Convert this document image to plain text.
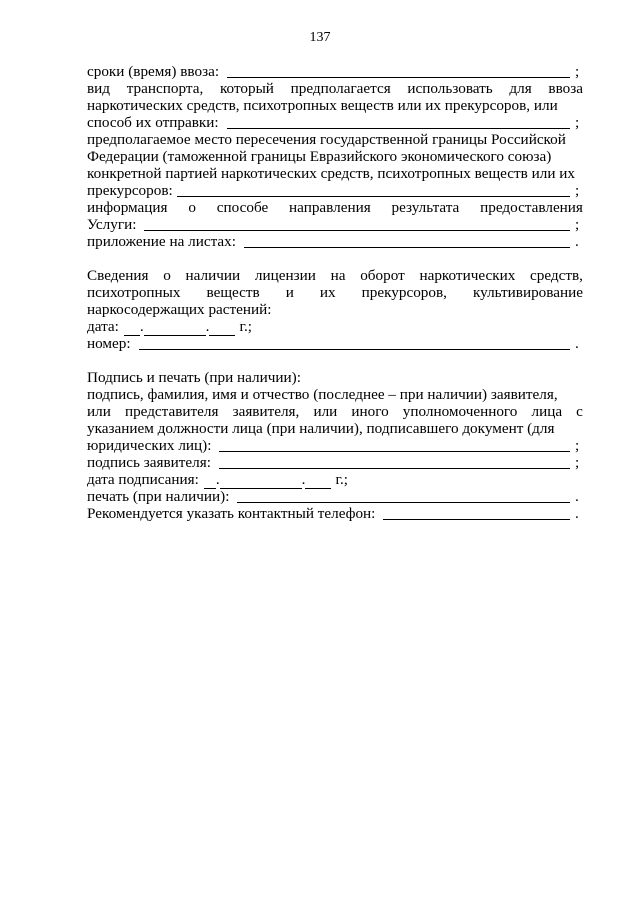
137
сроки (время) ввоза:	;
вид транспорта, который предполагается использовать для ввоза
наркотических средств, психотропных веществ или их прекурсоров, или
способ их отправки:	;
предполагаемое место пересечения государственной границы Российской
Федерации (таможенной границы Евразийского экономического союза)
конкретной партией наркотических средств, психотропных веществ или их
прекурсоров:	;
информация о способе направления результата предоставления
Услуги:	;
приложение на листах:	.
Сведения о наличии лицензии на оборот наркотических средств,
психотропных веществ и их прекурсоров, культивирование
наркосодержащих растений:
дата: .	. г.;
номер:	.
Подпись и печать (при наличии):
подпись, фамилия, имя и отчество (последнее – при наличии) заявителя,
или представителя заявителя, или иного уполномоченного лица с
указанием должности лица (при наличии), подписавшего документ (для
юридических лиц):	;
подпись заявителя:	;
дата подписания: .	. г.;
печать (при наличии):	.
Рекомендуется указать контактный телефон:	.
